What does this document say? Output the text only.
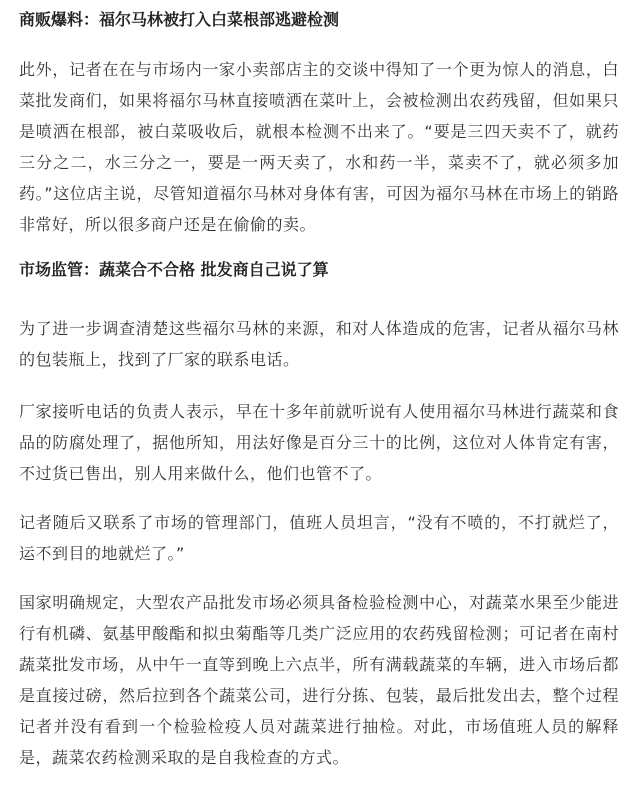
商贩爆料：福尔马林被打入白菜根部逃避检测

此外，记者在在与市场内一家小卖部店主的交谈中得知了一个更为惊人的消息，白菜批发商们，如果将福尔马林直接喷洒在菜叶上，会被检测出农药残留，但如果只是喷洒在根部，被白菜吸收后，就根本检测不出来了。“要是三四天卖不了，就药三分之二，水三分之一，要是一两天卖了，水和药一半，菜卖不了，就必须多加药。”这位店主说，尽管知道福尔马林对身体有害，可因为福尔马林在市场上的销路非常好，所以很多商户还是在偷偷的卖。

市场监管：蔬菜合不合格 批发商自己说了算

为了进一步调查清楚这些福尔马林的来源，和对人体造成的危害，记者从福尔马林的包装瓶上，找到了厂家的联系电话。

厂家接听电话的负责人表示，早在十多年前就听说有人使用福尔马林进行蔬菜和食品的防腐处理了，据他所知，用法好像是百分三十的比例，这位对人体肯定有害，不过货已售出，别人用来做什么，他们也管不了。

记者随后又联系了市场的管理部门，值班人员坦言，“没有不喷的，不打就烂了，运不到目的地就烂了。”

国家明确规定，大型农产品批发市场必须具备检验检测中心，对蔬菜水果至少能进行有机磷、氨基甲酸酯和拟虫菊酯等几类广泛应用的农药残留检测；可记者在南村蔬菜批发市场，从中午一直等到晚上六点半，所有满载蔬菜的车辆，进入市场后都是直接过磅，然后拉到各个蔬菜公司，进行分拣、包装，最后批发出去，整个过程记者并没有看到一个检验检疫人员对蔬菜进行抽检。对此，市场值班人员的解释是，蔬菜农药检测采取的是自我检查的方式。
